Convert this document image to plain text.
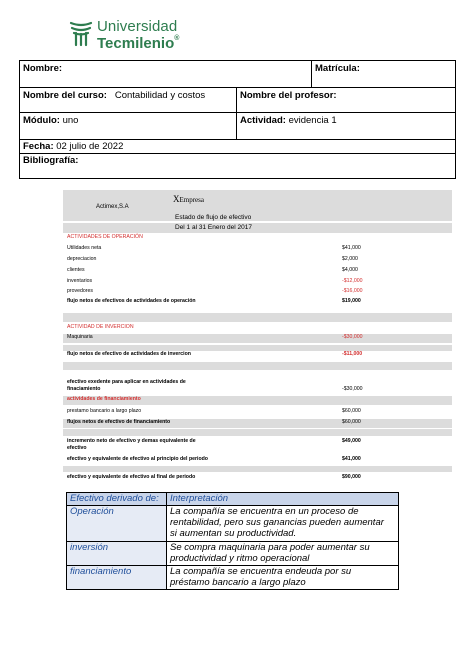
Universidad
Tecmilenio®
Nombre:	Matrícula:
Nombre del curso: Contabilidad y costos	Nombre del profesor:
Módulo: uno	Actividad: evidencia 1
Fecha: 02 julio de 2022
Bibliografía:
XEmpresa
Actimex,S.A
Estado de flujo de efectivo
Del 1 al 31 Enero del 2017
ACTIVIDADES DE OPERACIÓN
Utilidades neta	$41,000
depreciacion	$2,000
clientes	$4,000
inventarios	-$12,000
provedores	-$16,000
flujo netos de efectivos de actividades de operación	$19,000
ACTIVIDAD DE INVERCION
Maquinaria	-$30,000
flujo netos de efectivo de actividades de invercion	-$11,000
efectivo exedente para aplicar en actividades de
finaciamiento	-$30,000
actividades de financiamiento
prestamo bancario a largo plazo	$60,000
flujos netos de efectivo de financiamiento	$60,000
incremento neto de efectivo y demas equivalente de
efectivo
$49,000
efectivo y equivalente de efectivo al principio del periodo	$41,000
efectivo y equivalente de efectivo al final de periodo	$90,000
Efectivo derivado de:	Interpretación
Operación	La compañía se encuentra en un proceso de
rentabilidad, pero sus ganancias pueden aumentar
si aumentan su productividad.

inversión	Se compra maquinaria para poder aumentar su
productividad y ritmo operacional

financiamiento	La compañía se encuentra endeuda por su
préstamo bancario a largo plazo
